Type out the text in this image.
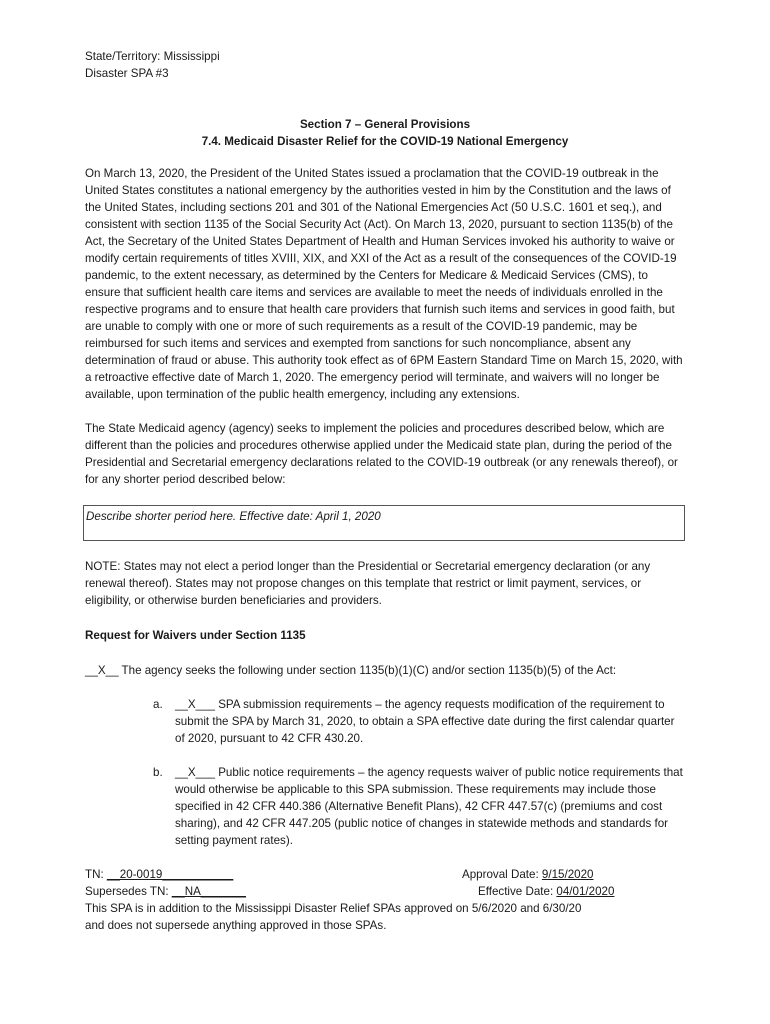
State/Territory: Mississippi
Disaster SPA #3
Section 7 – General Provisions
7.4. Medicaid Disaster Relief for the COVID-19 National Emergency

On March 13, 2020, the President of the United States issued a proclamation that the COVID-19 outbreak in the United States constitutes a national emergency by the authorities vested in him by the Constitution and the laws of the United States, including sections 201 and 301 of the National Emergencies Act (50 U.S.C. 1601 et seq.), and consistent with section 1135 of the Social Security Act (Act). On March 13, 2020, pursuant to section 1135(b) of the Act, the Secretary of the United States Department of Health and Human Services invoked his authority to waive or modify certain requirements of titles XVIII, XIX, and XXI of the Act as a result of the consequences of the COVID-19 pandemic, to the extent necessary, as determined by the Centers for Medicare & Medicaid Services (CMS), to ensure that sufficient health care items and services are available to meet the needs of individuals enrolled in the respective programs and to ensure that health care providers that furnish such items and services in good faith, but are unable to comply with one or more of such requirements as a result of the COVID-19 pandemic, may be reimbursed for such items and services and exempted from sanctions for such noncompliance, absent any determination of fraud or abuse. This authority took effect as of 6PM Eastern Standard Time on March 15, 2020, with a retroactive effective date of March 1, 2020. The emergency period will terminate, and waivers will no longer be available, upon termination of the public health emergency, including any extensions.

The State Medicaid agency (agency) seeks to implement the policies and procedures described below, which are different than the policies and procedures otherwise applied under the Medicaid state plan, during the period of the Presidential and Secretarial emergency declarations related to the COVID-19 outbreak (or any renewals thereof), or for any shorter period described below:

Describe shorter period here. Effective date: April 1, 2020

NOTE: States may not elect a period longer than the Presidential or Secretarial emergency declaration (or any renewal thereof). States may not propose changes on this template that restrict or limit payment, services, or eligibility, or otherwise burden beneficiaries and providers.

Request for Waivers under Section 1135
__X__ The agency seeks the following under section 1135(b)(1)(C) and/or section 1135(b)(5) of the Act:
a. __X___ SPA submission requirements – the agency requests modification of the requirement to submit the SPA by March 31, 2020, to obtain a SPA effective date during the first calendar quarter of 2020, pursuant to 42 CFR 430.20.
b. __X___ Public notice requirements – the agency requests waiver of public notice requirements that would otherwise be applicable to this SPA submission. These requirements may include those specified in 42 CFR 440.386 (Alternative Benefit Plans), 42 CFR 447.57(c) (premiums and cost sharing), and 42 CFR 447.205 (public notice of changes in statewide methods and standards for setting payment rates).
TN: __20-0019___________	Approval Date: 9/15/2020
Supersedes TN: __NA_______	Effective Date: 04/01/2020
This SPA is in addition to the Mississippi Disaster Relief SPAs approved on 5/6/2020 and 6/30/20 and does not supersede anything approved in those SPAs.
